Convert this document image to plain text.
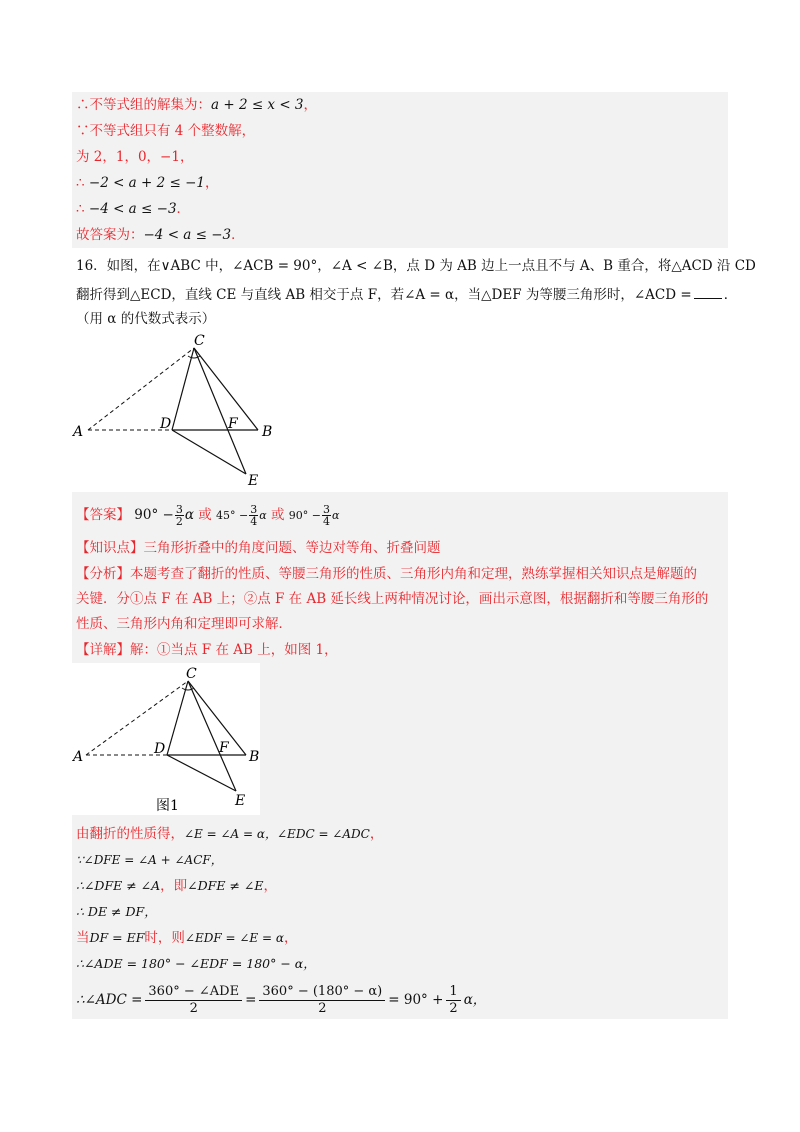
∴不等式组的解集为：a + 2 ≤ x < 3，
∵不等式组只有 4 个整数解，
为 2，1，0，−1，
∴ −2 < a + 2 ≤ −1，
∴ −4 < a ≤ −3．
故答案为：−4 < a ≤ −3．
16．如图，在∨ABC 中，∠ACB = 90°，∠A < ∠B，点 D 为 AB 边上一点且不与 A、B 重合，将△ACD 沿 CD
翻折得到△ECD，直线 CE 与直线 AB 相交于点 F，若∠A = α，当△DEF 为等腰三角形时，∠ACD = ．
（用 α 的代数式表示）
C
D	F
A	B
E
【答案】 $90^\circ - \frac{3}{2}$ α 或 $45^\circ - \frac{3}{4}$ α 或 $90^\circ - \frac{3}{4}$ α
【知识点】三角形折叠中的角度问题、等边对等角、折叠问题
【分析】本题考查了翻折的性质、等腰三角形的性质、三角形内角和定理，熟练掌握相关知识点是解题的
关键．分①点 F 在 AB 上；②点 F 在 AB 延长线上两种情况讨论，画出示意图，根据翻折和等腰三角形的
性质、三角形内角和定理即可求解．
【详解】解：①当点 F 在 AB 上，如图 1，
C
D	F
A	B
E
图1
由翻折的性质得，∠E = ∠A = α，∠EDC = ∠ADC，
∵∠DFE = ∠A + ∠ACF，
∴∠DFE ≠ ∠A，即∠DFE ≠ ∠E，
∴ DE ≠ DF，
当DF = EF时，则∠EDF = ∠E = α，
∴∠ADE = 180° − ∠EDF = 180° − α，
∴∠ADC = $\frac{\text{360° − ∠ADE}}{2} = \frac{360^\circ - (180^\circ - \alpha)}{2} = 90^\circ + \frac{1}{2}$ α，
